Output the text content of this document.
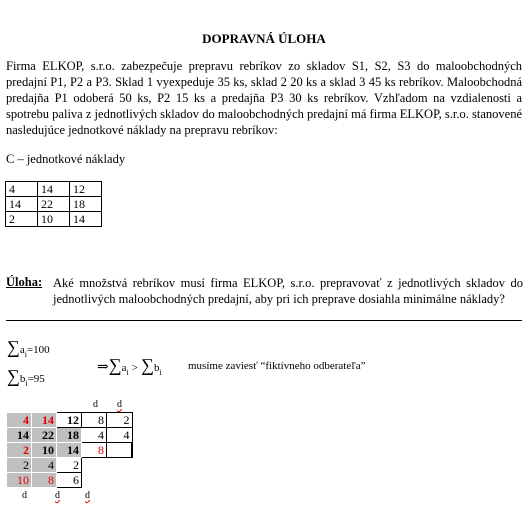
DOPRAVNÁ ÚLOHA
Firma ELKOP, s.r.o. zabezpečuje prepravu rebríkov zo skladov S1, S2, S3 do maloobchodných predajní P1, P2 a P3. Sklad 1 vyexpeduje 35 ks, sklad 2 20 ks a sklad 3 45 ks rebríkov. Maloobchodná predajňa P1 odoberá 50 ks, P2 15 ks a predajňa P3 30 ks rebríkov. Vzhľadom na vzdialenosti a spotrebu paliva z jednotlivých skladov do maloobchodných predajní má firma ELKOP, s.r.o. stanovené nasledujúce jednotkové náklady na prepravu rebríkov:
C – jednotkové náklady
4	14	12
14	22	18
2	10	14
Úloha: Aké množstvá rebríkov musí firma ELKOP, s.r.o. prepravovať z jednotlivých skladov do jednotlivých maloobchodných predajní, aby pri ich preprave dosiahla minimálne náklady?
$\sum a_i=100$
$\sum b_i=95$
$\Rightarrow\sum a_i > \sum b_i$
musíme zaviesť “fiktívneho odberateľa”
d d
4	14	12	8	2
14	22	18	4	4
2	10	14	8	
2	4	2		
10	8	6		
d	d	d
